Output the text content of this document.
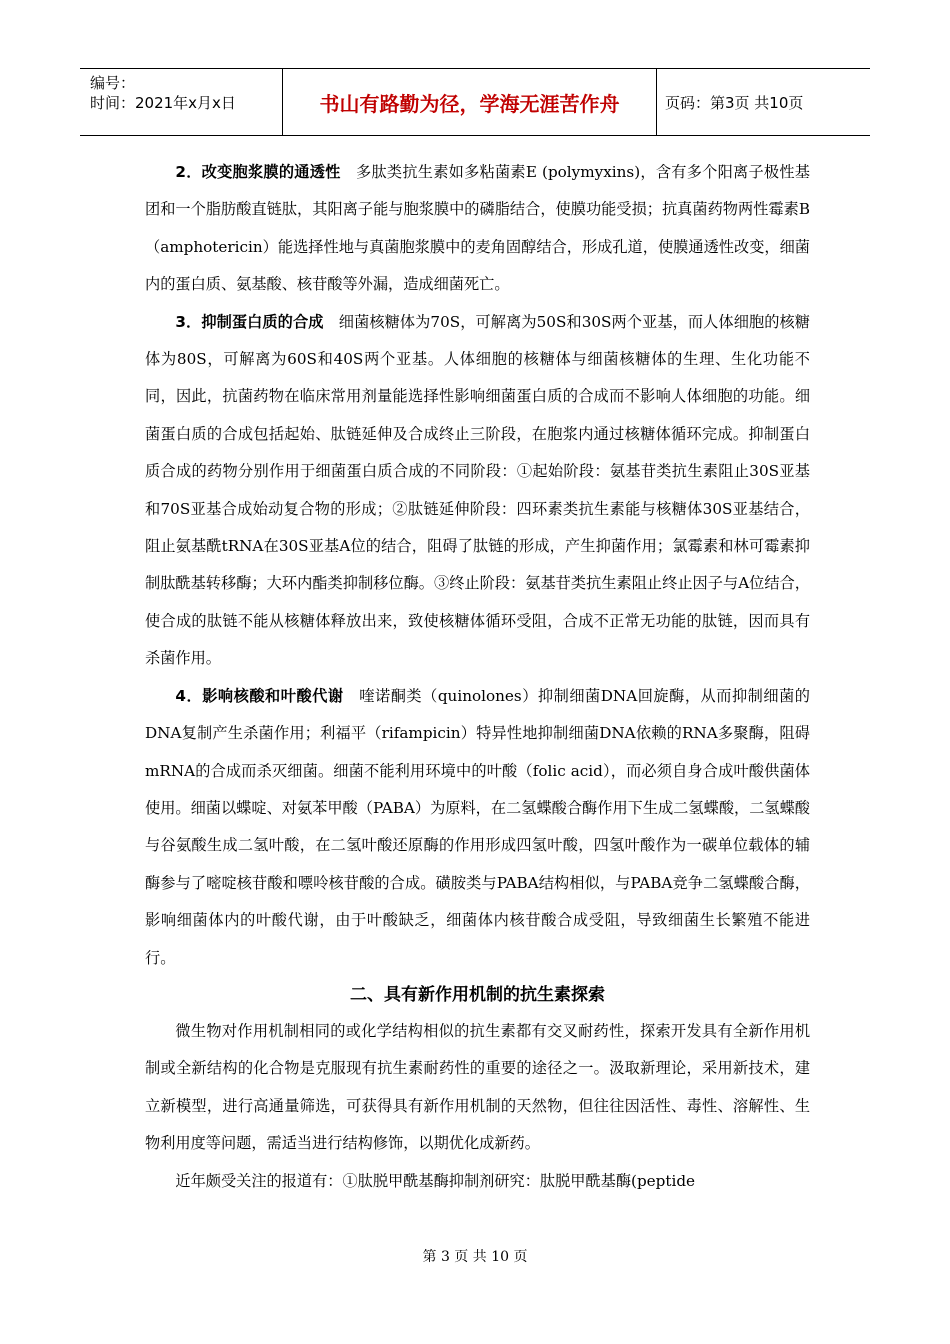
编号：
时间：2021年x月x日	书山有路勤为径，学海无涯苦作舟	页码：第3页 共10页

2．改变胞浆膜的通透性　多肽类抗生素如多粘菌素E (polymyxins)，含有多个阳离子极性基团和一个脂肪酸直链肽，其阳离子能与胞浆膜中的磷脂结合，使膜功能受损；抗真菌药物两性霉素B（amphotericin）能选择性地与真菌胞浆膜中的麦角固醇结合，形成孔道，使膜通透性改变，细菌内的蛋白质、氨基酸、核苷酸等外漏，造成细菌死亡。

3．抑制蛋白质的合成　细菌核糖体为70S，可解离为50S和30S两个亚基，而人体细胞的核糖体为80S，可解离为60S和40S两个亚基。人体细胞的核糖体与细菌核糖体的生理、生化功能不同，因此，抗菌药物在临床常用剂量能选择性影响细菌蛋白质的合成而不影响人体细胞的功能。细菌蛋白质的合成包括起始、肽链延伸及合成终止三阶段，在胞浆内通过核糖体循环完成。抑制蛋白质合成的药物分别作用于细菌蛋白质合成的不同阶段：①起始阶段：氨基苷类抗生素阻止30S亚基和70S亚基合成始动复合物的形成；②肽链延伸阶段：四环素类抗生素能与核糖体30S亚基结合，阻止氨基酰tRNA在30S亚基A位的结合，阻碍了肽链的形成，产生抑菌作用；氯霉素和林可霉素抑制肽酰基转移酶；大环内酯类抑制移位酶。③终止阶段：氨基苷类抗生素阻止终止因子与A位结合，使合成的肽链不能从核糖体释放出来，致使核糖体循环受阻，合成不正常无功能的肽链，因而具有杀菌作用。

4．影响核酸和叶酸代谢　喹诺酮类（quinolones）抑制细菌DNA回旋酶，从而抑制细菌的DNA复制产生杀菌作用；利福平（rifampicin）特异性地抑制细菌DNA依赖的RNA多聚酶，阻碍mRNA的合成而杀灭细菌。细菌不能利用环境中的叶酸（folic acid），而必须自身合成叶酸供菌体使用。细菌以蝶啶、对氨苯甲酸（PABA）为原料，在二氢蝶酸合酶作用下生成二氢蝶酸，二氢蝶酸与谷氨酸生成二氢叶酸，在二氢叶酸还原酶的作用形成四氢叶酸，四氢叶酸作为一碳单位载体的辅酶参与了嘧啶核苷酸和嘌呤核苷酸的合成。磺胺类与PABA结构相似，与PABA竞争二氢蝶酸合酶，影响细菌体内的叶酸代谢，由于叶酸缺乏，细菌体内核苷酸合成受阻，导致细菌生长繁殖不能进行。

二、具有新作用机制的抗生素探索

微生物对作用机制相同的或化学结构相似的抗生素都有交叉耐药性，探索开发具有全新作用机制或全新结构的化合物是克服现有抗生素耐药性的重要的途径之一。汲取新理论，采用新技术，建立新模型，进行高通量筛选，可获得具有新作用机制的天然物，但往往因活性、毒性、溶解性、生物利用度等问题，需适当进行结构修饰，以期优化成新药。

近年颇受关注的报道有：①肽脱甲酰基酶抑制剂研究：肽脱甲酰基酶(peptide

第 3 页 共 10 页
